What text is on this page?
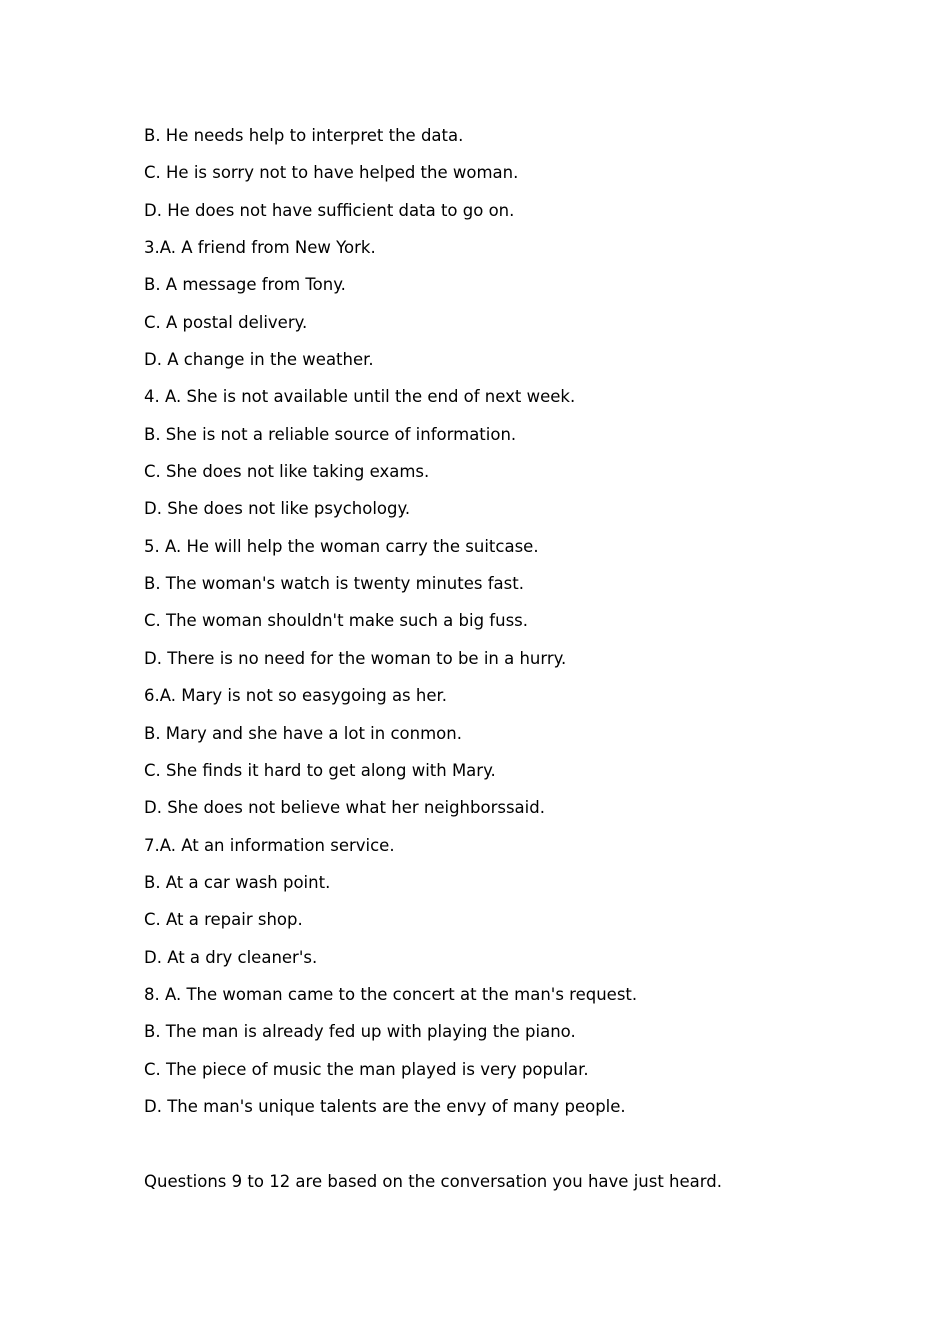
B. He needs help to interpret the data.
C. He is sorry not to have helped the woman.
D. He does not have sufficient data to go on.
3.A. A friend from New York.
B. A message from Tony.
C. A postal delivery.
D. A change in the weather.
4. A. She is not available until the end of next week.
B. She is not a reliable source of information.
C. She does not like taking exams.
D. She does not like psychology.
5. A. He will help the woman carry the suitcase.
B. The woman's watch is twenty minutes fast.
C. The woman shouldn't make such a big fuss.
D. There is no need for the woman to be in a hurry.
6.A. Mary is not so easygoing as her.
B. Mary and she have a lot in conmon.
C. She finds it hard to get along with Mary.
D. She does not believe what her neighborssaid.
7.A. At an information service.
B. At a car wash point.
C. At a repair shop.
D. At a dry cleaner's.
8. A. The woman came to the concert at the man's request.
B. The man is already fed up with playing the piano.
C. The piece of music the man played is very popular.
D. The man's unique talents are the envy of many people.
Questions 9 to 12 are based on the conversation you have just heard.
